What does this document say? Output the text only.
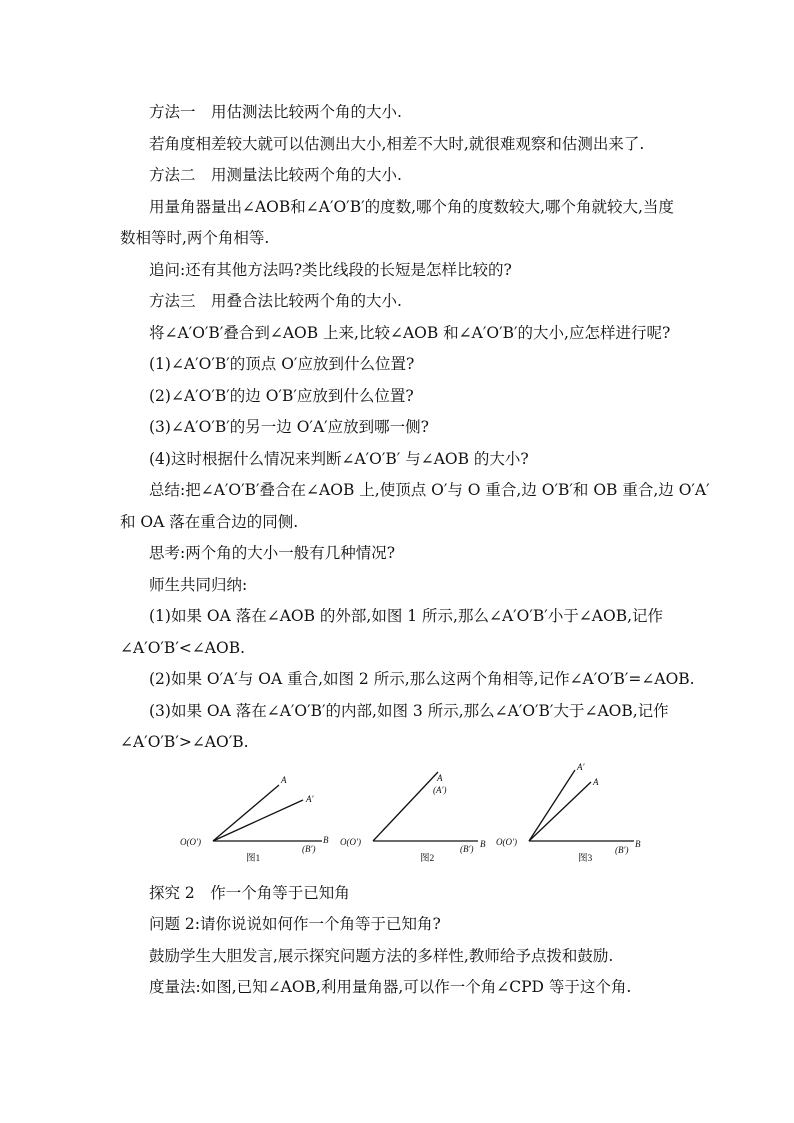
方法一　用估测法比较两个角的大小.
若角度相差较大就可以估测出大小,相差不大时,就很难观察和估测出来了.
方法二　用测量法比较两个角的大小.
用量角器量出∠AOB和∠A′O′B′的度数,哪个角的度数较大,哪个角就较大,当度
数相等时,两个角相等.
追问:还有其他方法吗?类比线段的长短是怎样比较的?
方法三　用叠合法比较两个角的大小.
将∠A′O′B′叠合到∠AOB 上来,比较∠AOB 和∠A′O′B′的大小,应怎样进行呢?
(1)∠A′O′B′的顶点 O′应放到什么位置?
(2)∠A′O′B′的边 O′B′应放到什么位置?
(3)∠A′O′B′的另一边 O′A′应放到哪一侧?
(4)这时根据什么情况来判断∠A′O′B′ 与∠AOB 的大小?
总结:把∠A′O′B′叠合在∠AOB 上,使顶点 O′与 O 重合,边 O′B′和 OB 重合,边 O′A′
和 OA 落在重合边的同侧.
思考:两个角的大小一般有几种情况?
师生共同归纳:
(1)如果 OA 落在∠AOB 的外部,如图 1 所示,那么∠A′O′B′小于∠AOB,记作
∠A′O′B′<∠AOB.
(2)如果 O′A′与 OA 重合,如图 2 所示,那么这两个角相等,记作∠A′O′B′=∠AOB.
(3)如果 OA 落在∠A′O′B′的内部,如图 3 所示,那么∠A′O′B′大于∠AOB,记作
∠A′O′B′>∠AO′B.
O(O′)
A
A′
B
(B′)
O(O′)
A
(A′)
B
(B′)
O(O′)
A′
A
B
(B′)
图1	图2	图3
探究 2　作一个角等于已知角
问题 2:请你说说如何作一个角等于已知角?
鼓励学生大胆发言,展示探究问题方法的多样性,教师给予点拨和鼓励.
度量法:如图,已知∠AOB,利用量角器,可以作一个角∠CPD 等于这个角.
